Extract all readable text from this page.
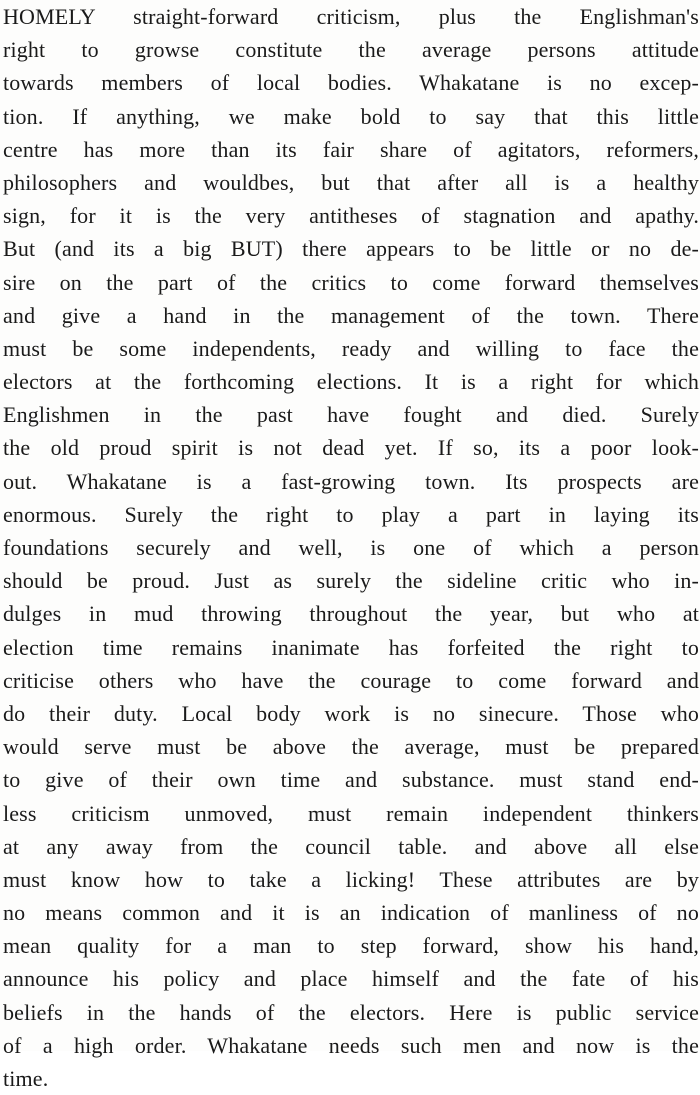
HOMELY straight-forward criticism, plus the Englishman's
right to growse constitute the average persons attitude
towards members of local bodies. Whakatane is no excep-
tion. If anything, we make bold to say that this little
centre has more than its fair share of agitators, reformers,
philosophers and wouldbes, but that after all is a healthy
sign, for it is the very antitheses of stagnation and apathy.
But (and its a big BUT) there appears to be little or no de-
sire on the part of the critics to come forward themselves
and give a hand in the management of the town. There
must be some independents, ready and willing to face the
electors at the forthcoming elections. It is a right for which
Englishmen in the past have fought and died. Surely
the old proud spirit is not dead yet. If so, its a poor look-
out. Whakatane is a fast-growing town. Its prospects are
enormous. Surely the right to play a part in laying its
foundations securely and well, is one of which a person
should be proud. Just as surely the sideline critic who in-
dulges in mud throwing throughout the year, but who at
election time remains inanimate has forfeited the right to
criticise others who have the courage to come forward and
do their duty. Local body work is no sinecure. Those who
would serve must be above the average, must be prepared
to give of their own time and substance. must stand end-
less criticism unmoved, must remain independent thinkers
at any away from the council table. and above all else
must know how to take a licking! These attributes are by
no means common and it is an indication of manliness of no
mean quality for a man to step forward, show his hand,
announce his policy and place himself and the fate of his
beliefs in the hands of the electors. Here is public service
of a high order. Whakatane needs such men and now is the
time.
